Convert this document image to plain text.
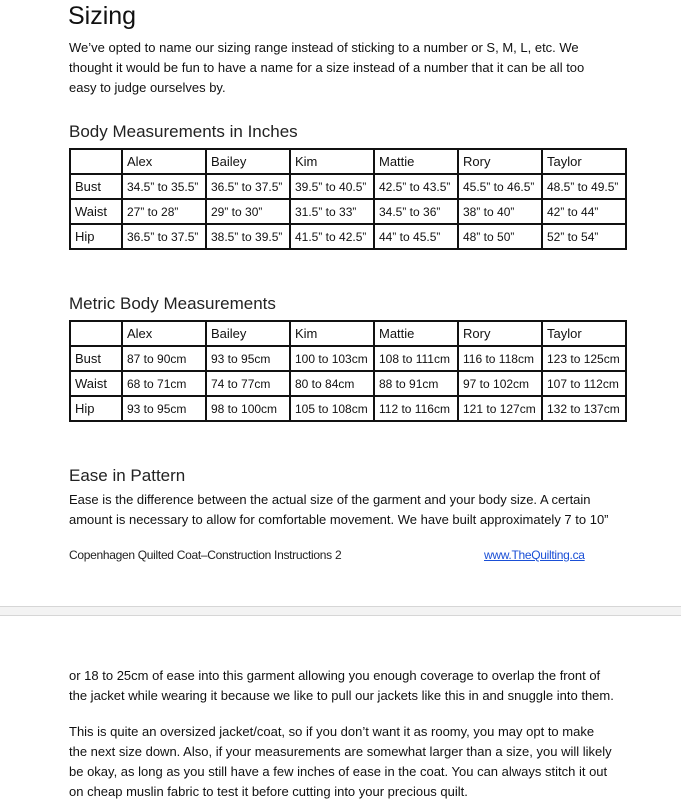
Sizing

We’ve opted to name our sizing range instead of sticking to a number or S, M, L, etc. We thought it would be fun to have a name for a size instead of a number that it can be all too easy to judge ourselves by.

Body Measurements in Inches
	Alex	Bailey	Kim	Mattie	Rory	Taylor
Bust	34.5” to 35.5”	36.5” to 37.5”	39.5” to 40.5”	42.5” to 43.5”	45.5” to 46.5”	48.5” to 49.5”
Waist	27” to 28”	29” to 30”	31.5” to 33”	34.5” to 36”	38” to 40”	42” to 44”
Hip	36.5” to 37.5”	38.5” to 39.5”	41.5” to 42.5”	44” to 45.5”	48” to 50”	52” to 54”
Metric Body Measurements
	Alex	Bailey	Kim	Mattie	Rory	Taylor
Bust	87 to 90cm	93 to 95cm	100 to 103cm	108 to 111cm	116 to 118cm	123 to 125cm
Waist	68 to 71cm	74 to 77cm	80 to 84cm	88 to 91cm	97 to 102cm	107 to 112cm
Hip	93 to 95cm	98 to 100cm	105 to 108cm	112 to 116cm	121 to 127cm	132 to 137cm
Ease in Pattern

Ease is the difference between the actual size of the garment and your body size. A certain amount is necessary to allow for comfortable movement. We have built approximately 7 to 10”

Copenhagen Quilted Coat–Construction Instructions 2	www.TheQuilting.ca

or 18 to 25cm of ease into this garment allowing you enough coverage to overlap the front of the jacket while wearing it because we like to pull our jackets like this in and snuggle into them.

This is quite an oversized jacket/coat, so if you don’t want it as roomy, you may opt to make the next size down. Also, if your measurements are somewhat larger than a size, you will likely be okay, as long as you still have a few inches of ease in the coat. You can always stitch it out on cheap muslin fabric to test it before cutting into your precious quilt.
